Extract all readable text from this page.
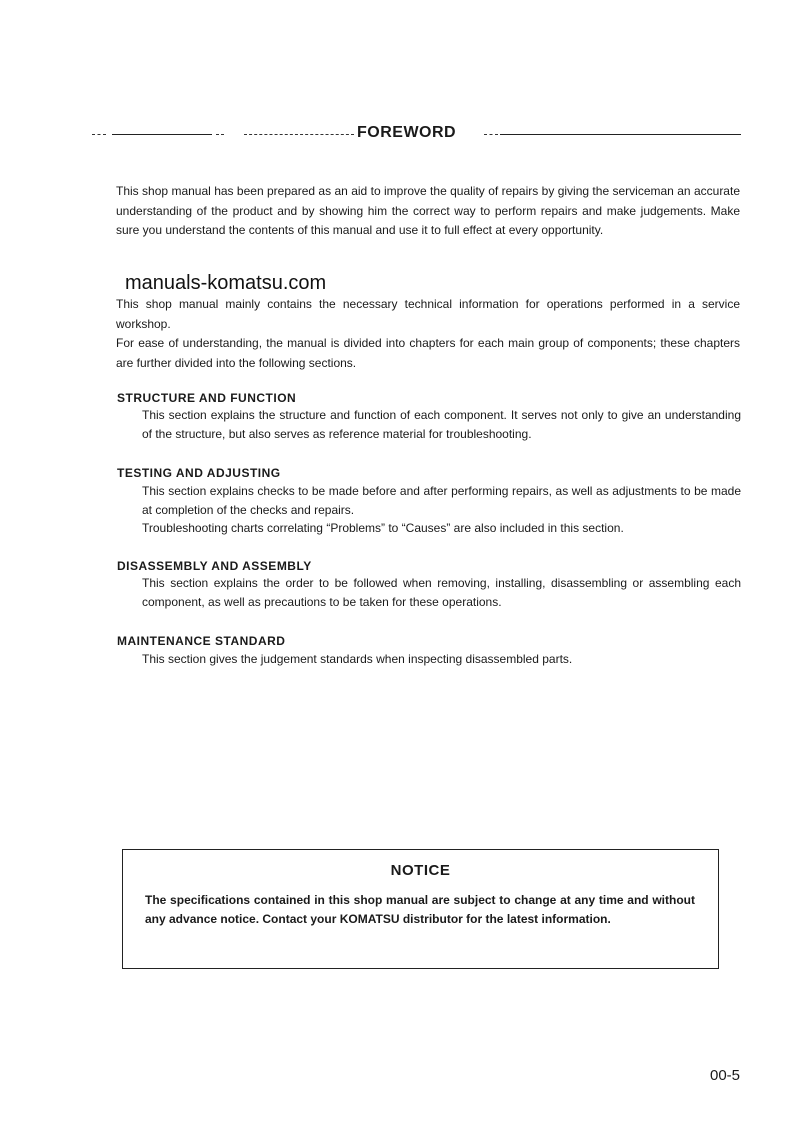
FOREWORD
This shop manual has been prepared as an aid to improve the quality of repairs by giving the serviceman an accurate understanding of the product and by showing him the correct way to perform repairs and make judgements. Make sure you understand the contents of this manual and use it to full effect at every opportunity.
manuals-komatsu.com
This shop manual mainly contains the necessary technical information for operations performed in a service workshop.
For ease of understanding, the manual is divided into chapters for each main group of components; these chapters are further divided into the following sections.
STRUCTURE AND FUNCTION

This section explains the structure and function of each component. It serves not only to give an understanding of the structure, but also serves as reference material for troubleshooting.

TESTING AND ADJUSTING

This section explains checks to be made before and after performing repairs, as well as adjustments to be made at completion of the checks and repairs.

Troubleshooting charts correlating “Problems” to “Causes” are also included in this section.

DISASSEMBLY AND ASSEMBLY

This section explains the order to be followed when removing, installing, disassembling or assembling each component, as well as precautions to be taken for these operations.

MAINTENANCE STANDARD

This section gives the judgement standards when inspecting disassembled parts.

NOTICE
The specifications contained in this shop manual are subject to change at any time and without any advance notice. Contact your KOMATSU distributor for the latest information.
00-5
